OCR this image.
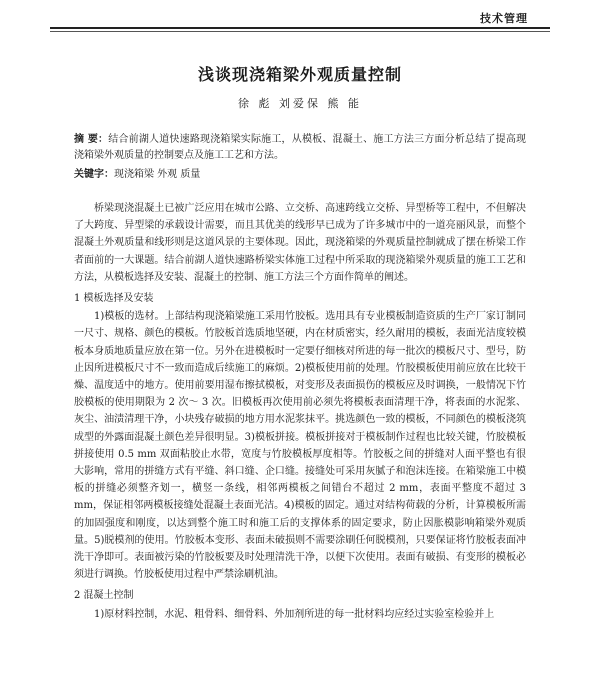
技术管理
浅谈现浇箱梁外观质量控制
徐 彪 刘爱保 熊 能
摘 要：结合前湖人道快速路现浇箱梁实际施工，从模板、混凝土、施工方法三方面分析总结了提高现浇箱梁外观质量的控制要点及施工工艺和方法。
关键字：现浇箱梁 外观 质量

桥梁现浇混凝土已被广泛应用在城市公路、立交桥、高速跨线立交桥、异型桥等工程中，不但解决了大跨度、异型梁的承载设计需要，而且其优美的线形早已成为了许多城市中的一道亮丽风景，而整个混凝土外观质量和线形则是这道风景的主要体现。因此，现浇箱梁的外观质量控制就成了摆在桥梁工作者面前的一大课题。结合前湖人道快速路桥梁实体施工过程中所采取的现浇箱梁外观质量的施工工艺和方法，从模板选择及安装、混凝土的控制、施工方法三个方面作简单的阐述。

1 模板选择及安装

1)模板的选材。上部结构现浇箱梁施工采用竹胶板。选用具有专业模板制造资质的生产厂家订制同一尺寸、规格、颜色的模板。竹胶板首选质地坚硬，内在材质密实，经久耐用的模板，表面光洁度较模板本身质地质量应放在第一位。另外在进模板时一定要仔细核对所进的每一批次的模板尺寸、型号，防止因所进模板尺寸不一致而造成后续施工的麻烦。2)模板使用前的处理。竹胶模板使用前应放在比较干燥、温度适中的地方。使用前要用湿布擦拭模板，对变形及表面损伤的模板应及时调换，一般情况下竹胶模板的使用期限为 2 次～ 3 次。旧模板再次使用前必须先将模板表面清理干净，将表面的水泥浆、灰尘、油渍清理干净，小块残存破损的地方用水泥浆抹平。挑选颜色一致的模板，不同颜色的模板浇筑成型的外露面混凝土颜色差异很明显。3)模板拼接。模板拼接对于模板制作过程也比较关键，竹胶模板拼接使用 0.5 mm 双面粘胶止水带，宽度与竹胶模板厚度相等。竹胶板之间的拼缝对人面平整也有很大影响，常用的拼缝方式有平缝、斜口缝、企口缝。接缝处可采用灰腻子和泡沫连接。在箱梁施工中模板的拼缝必须整齐划一，横竖一条线，相邻两模板之间错台不超过 2 mm，表面平整度不超过 3 mm，保证相邻两模板接缝处混凝土表面光洁。4)模板的固定。通过对结构荷载的分析，计算模板所需的加固强度和刚度，以达到整个施工时和施工后的支撑体系的固定要求，防止因胀模影响箱梁外观质量。5)脱模剂的使用。竹胶板本变形、表面未破损则不需要涂刷任何脱模剂，只要保证将竹胶板表面冲洗干净即可。表面被污染的竹胶板要及时处理清洗干净，以便下次使用。表面有破损、有变形的模板必须进行调换。竹胶板使用过程中严禁涂刷机油。

2 混凝土控制

1)原材料控制，水泥、粗骨料、细骨料、外加剂所进的每一批材料均应经过实验室检验并上
